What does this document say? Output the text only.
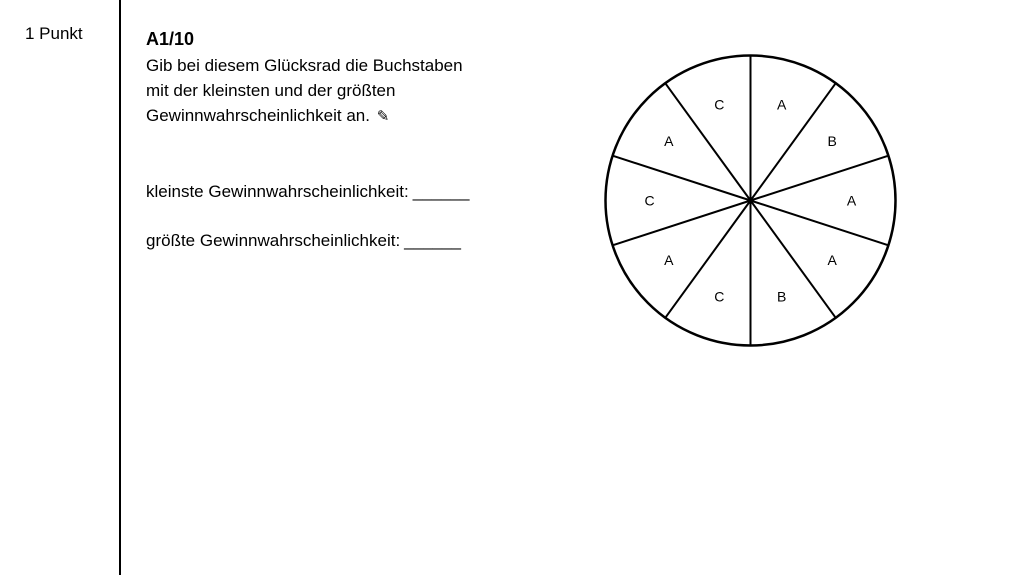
1 Punkt	A1/10
Gib bei diesem Glücksrad die Buchstaben
mit der kleinsten und der größten
Gewinnwahrscheinlichkeit an. ✎
kleinste Gewinnwahrscheinlichkeit: ______
größte Gewinnwahrscheinlichkeit: ______
A
B
A
A
B
C
A
C
A
C
